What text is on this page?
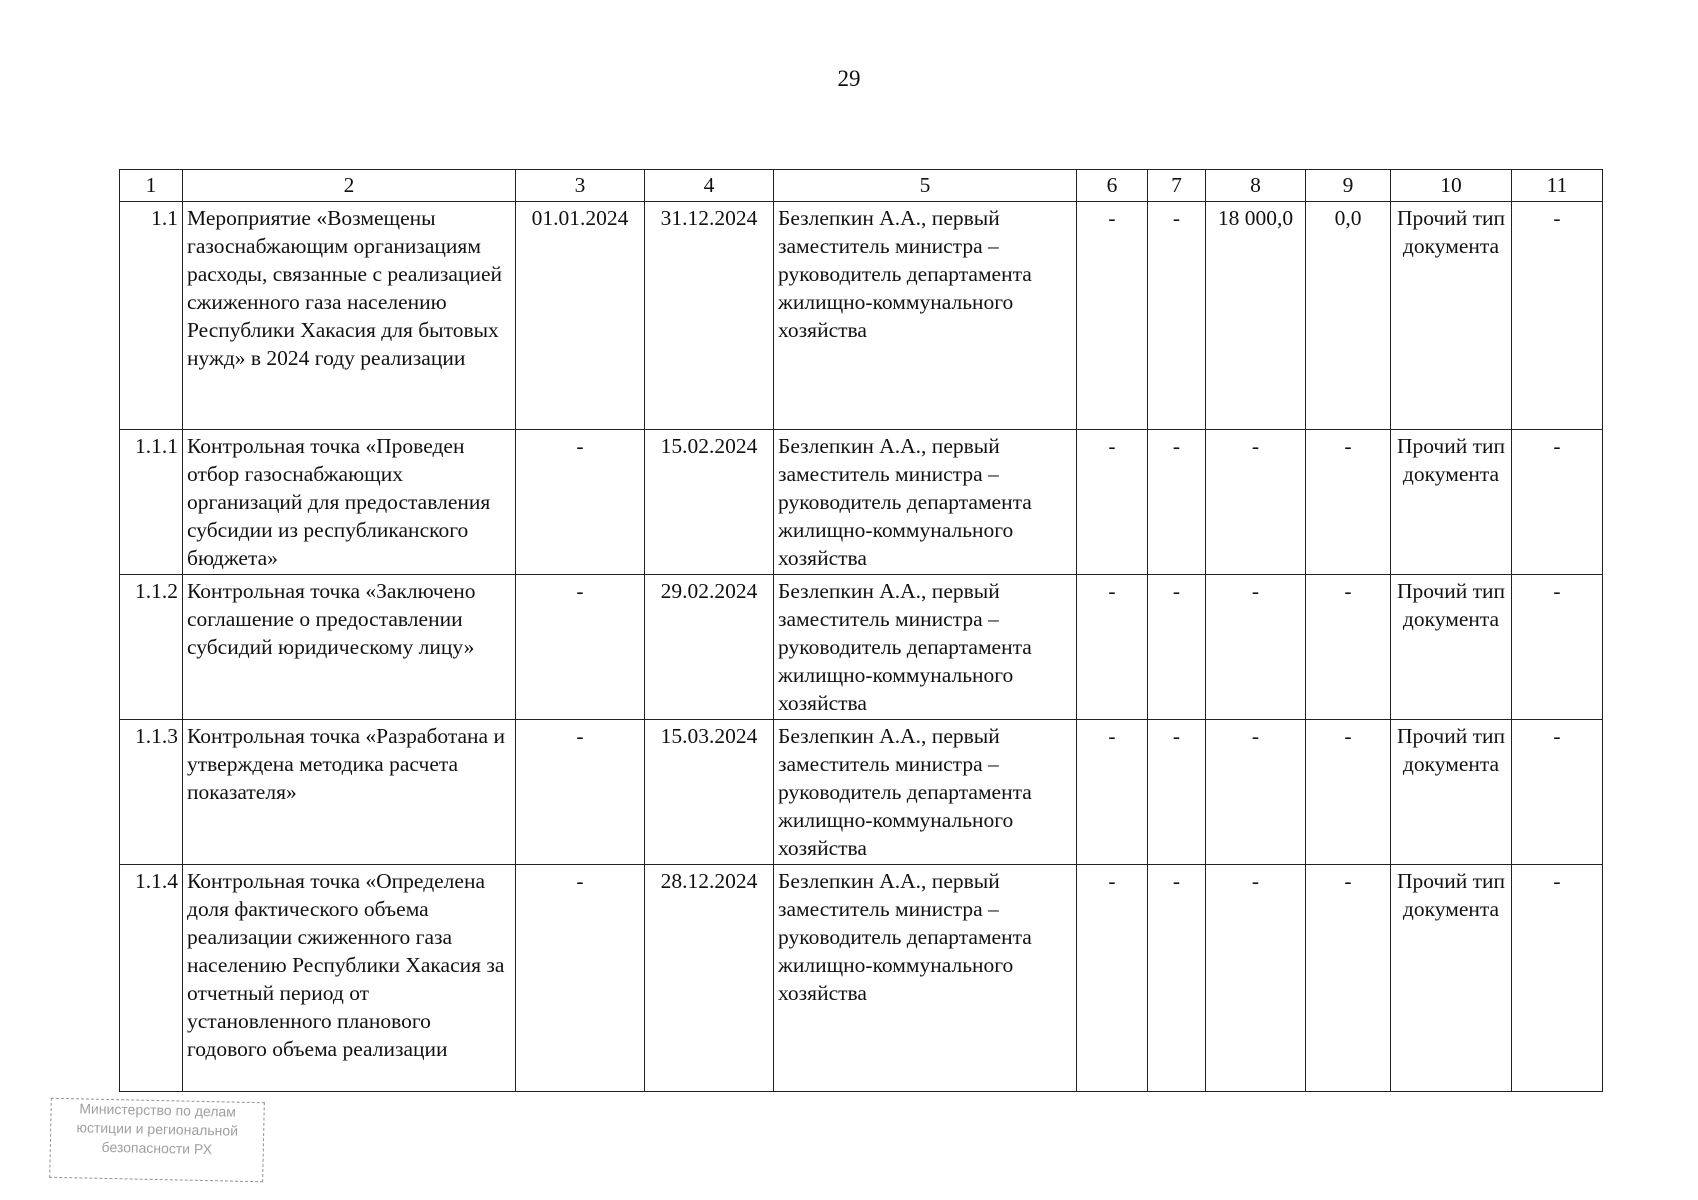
29
1	2	3	4	5	6	7	8	9	10	11
1.1	Мероприятие «Возмещены газоснабжающим организациям расходы, связанные с реализацией сжиженного газа населению Республики Хакасия для бытовых нужд» в 2024 году реализации	01.01.2024	31.12.2024	Безлепкин А.А., первый заместитель министра – руководитель департамента жилищно-коммунального хозяйства	-	-	18 000,0	0,0	Прочий тип документа	-
1.1.1	Контрольная точка «Проведен отбор газоснабжающих организаций для предоставления субсидии из республиканского бюджета»	-	15.02.2024	Безлепкин А.А., первый заместитель министра – руководитель департамента жилищно-коммунального хозяйства	-	-	-	-	Прочий тип документа	-
1.1.2	Контрольная точка «Заключено соглашение о предоставлении субсидий юридическому лицу»	-	29.02.2024	Безлепкин А.А., первый заместитель министра – руководитель департамента жилищно-коммунального хозяйства	-	-	-	-	Прочий тип документа	-
1.1.3	Контрольная точка «Разработана и утверждена методика расчета показателя»	-	15.03.2024	Безлепкин А.А., первый заместитель министра – руководитель департамента жилищно-коммунального хозяйства	-	-	-	-	Прочий тип документа	-
1.1.4	Контрольная точка «Определена доля фактического объема реализации сжиженного газа населению Республики Хакасия за отчетный период от установленного планового годового объема реализации	-	28.12.2024	Безлепкин А.А., первый заместитель министра – руководитель департамента жилищно-коммунального хозяйства	-	-	-	-	Прочий тип документа	-
Министерство по делам
юстиции и региональной
безопасности РХ
